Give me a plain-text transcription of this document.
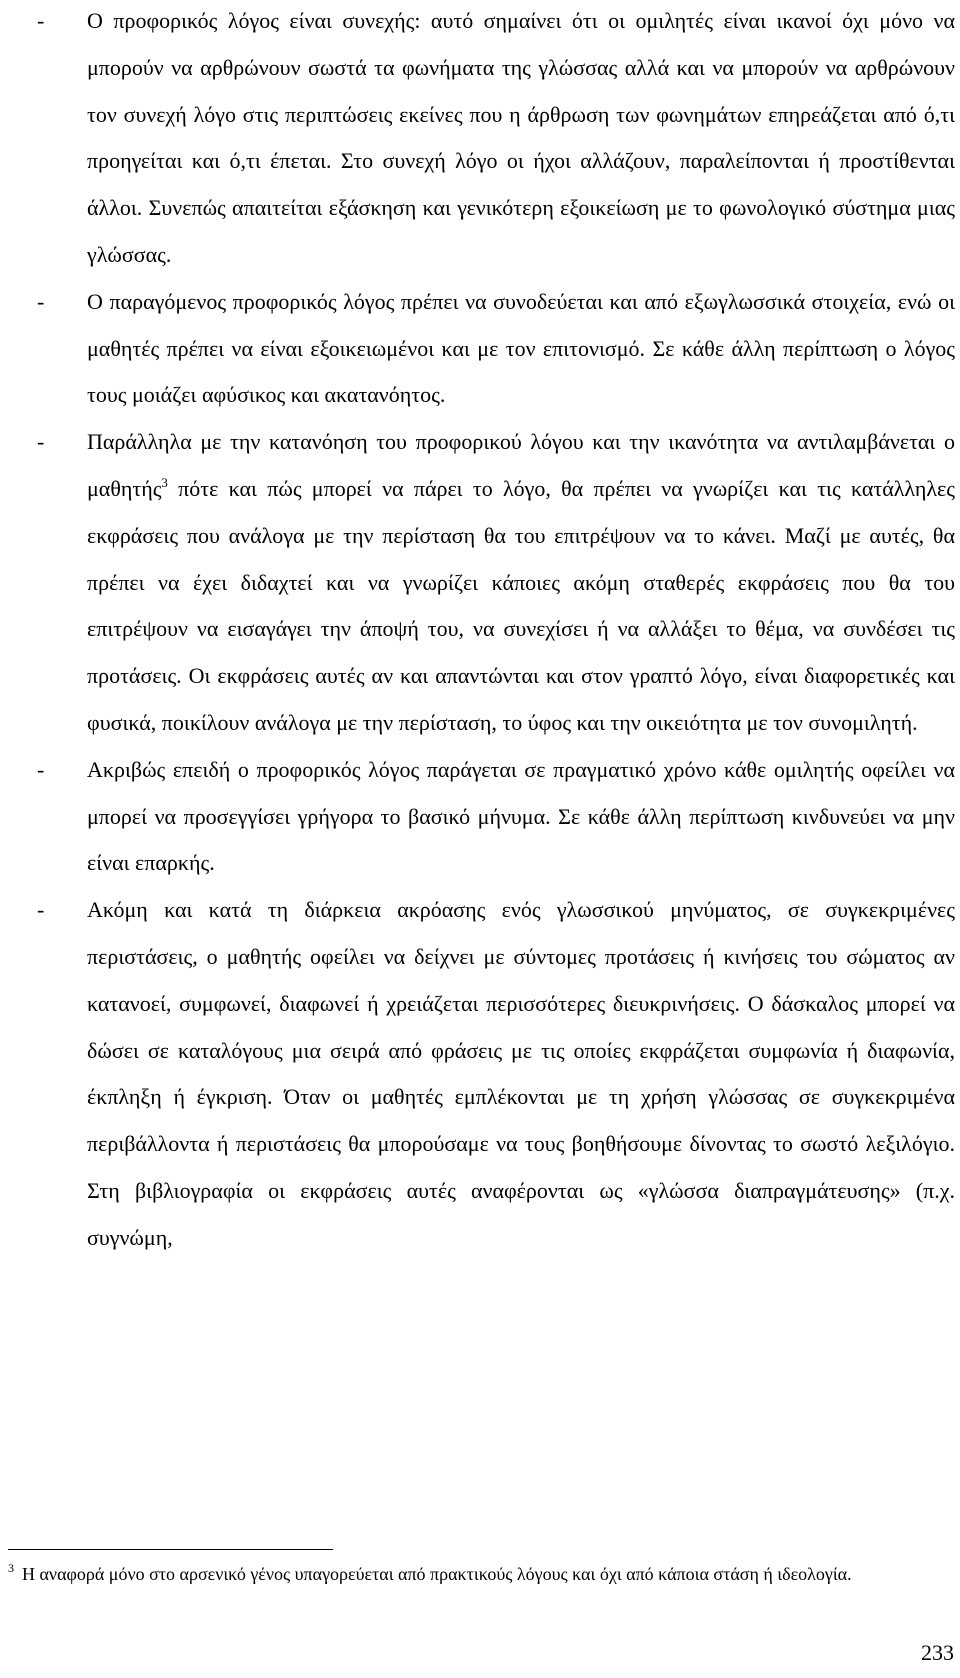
- Ο προφορικός λόγος είναι συνεχής: αυτό σημαίνει ότι οι ομιλητές είναι ικανοί όχι μόνο να μπορούν να αρθρώνουν σωστά τα φωνήματα της γλώσσας αλλά και να μπορούν να αρθρώνουν τον συνεχή λόγο στις περιπτώσεις εκείνες που η άρθρωση των φωνημάτων επηρεάζεται από ό,τι προηγείται και ό,τι έπεται. Στο συνεχή λόγο οι ήχοι αλλάζουν, παραλείπονται ή προστίθενται άλλοι. Συνεπώς απαιτείται εξάσκηση και γενικότερη εξοικείωση με το φωνολογικό σύστημα μιας γλώσσας.
- Ο παραγόμενος προφορικός λόγος πρέπει να συνοδεύεται και από εξωγλωσσικά στοιχεία, ενώ οι μαθητές πρέπει να είναι εξοικειωμένοι και με τον επιτονισμό. Σε κάθε άλλη περίπτωση ο λόγος τους μοιάζει αφύσικος και ακατανόητος.
- Παράλληλα με την κατανόηση του προφορικού λόγου και την ικανότητα να αντιλαμβάνεται ο μαθητής$^3$ πότε και πώς μπορεί να πάρει το λόγο, θα πρέπει να γνωρίζει και τις κατάλληλες εκφράσεις που ανάλογα με την περίσταση θα του επιτρέψουν να το κάνει. Μαζί με αυτές, θα πρέπει να έχει διδαχτεί και να γνωρίζει κάποιες ακόμη σταθερές εκφράσεις που θα του επιτρέψουν να εισαγάγει την άποψή του, να συνεχίσει ή να αλλάξει το θέμα, να συνδέσει τις προτάσεις. Οι εκφράσεις αυτές αν και απαντώνται και στον γραπτό λόγο, είναι διαφορετικές και φυσικά, ποικίλουν ανάλογα με την περίσταση, το ύφος και την οικειότητα με τον συνομιλητή.
- Ακριβώς επειδή ο προφορικός λόγος παράγεται σε πραγματικό χρόνο κάθε ομιλητής οφείλει να μπορεί να προσεγγίσει γρήγορα το βασικό μήνυμα. Σε κάθε άλλη περίπτωση κινδυνεύει να μην είναι επαρκής.
- Ακόμη και κατά τη διάρκεια ακρόασης ενός γλωσσικού μηνύματος, σε συγκεκριμένες περιστάσεις, ο μαθητής οφείλει να δείχνει με σύντομες προτάσεις ή κινήσεις του σώματος αν κατανοεί, συμφωνεί, διαφωνεί ή χρειάζεται περισσότερες διευκρινήσεις. Ο δάσκαλος μπορεί να δώσει σε καταλόγους μια σειρά από φράσεις με τις οποίες εκφράζεται συμφωνία ή διαφωνία, έκπληξη ή έγκριση. Όταν οι μαθητές εμπλέκονται με τη χρήση γλώσσας σε συγκεκριμένα περιβάλλοντα ή περιστάσεις θα μπορούσαμε να τους βοηθήσουμε δίνοντας το σωστό λεξιλόγιο. Στη βιβλιογραφία οι εκφράσεις αυτές αναφέρονται ως «γλώσσα διαπραγμάτευσης» (π.χ. συγνώμη,
$^3$ Η αναφορά μόνο στο αρσενικό γένος υπαγορεύεται από πρακτικούς λόγους και όχι από κάποια στάση ή ιδεολογία.
233
